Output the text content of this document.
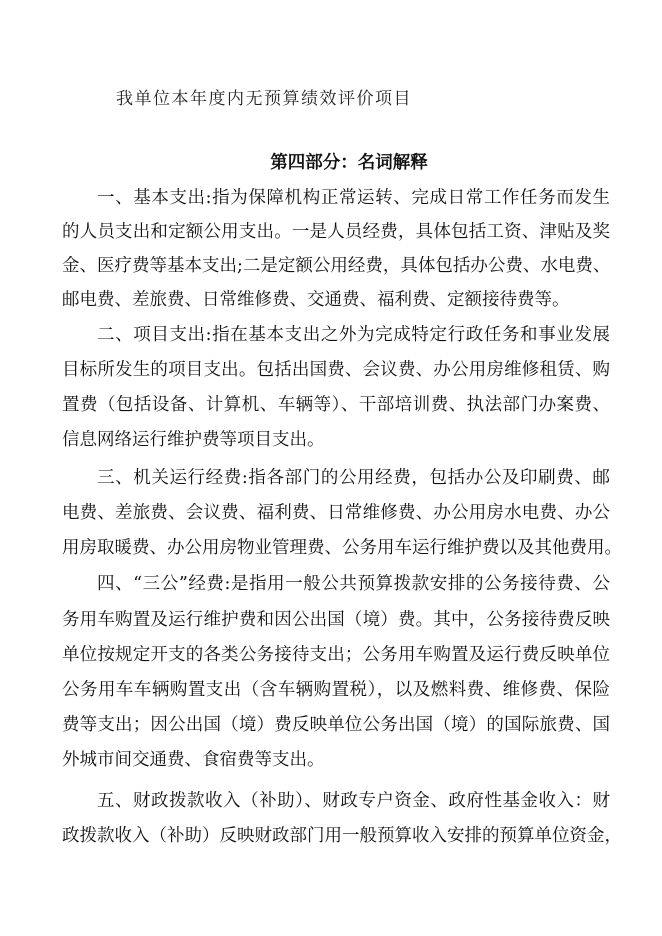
我单位本年度内无预算绩效评价项目
第四部分：名词解释
一、基本支出:指为保障机构正常运转、完成日常工作任务而发生
的人员支出和定额公用支出。一是人员经费，具体包括工资、津贴及奖
金、医疗费等基本支出;二是定额公用经费，具体包括办公费、水电费、
邮电费、差旅费、日常维修费、交通费、福利费、定额接待费等。
二、项目支出:指在基本支出之外为完成特定行政任务和事业发展
目标所发生的项目支出。包括出国费、会议费、办公用房维修租赁、购
置费（包括设备、计算机、车辆等）、干部培训费、执法部门办案费、
信息网络运行维护费等项目支出。
三、机关运行经费:指各部门的公用经费，包括办公及印刷费、邮
电费、差旅费、会议费、福利费、日常维修费、办公用房水电费、办公
用房取暖费、办公用房物业管理费、公务用车运行维护费以及其他费用。
四、“三公”经费:是指用一般公共预算拨款安排的公务接待费、公
务用车购置及运行维护费和因公出国（境）费。其中，公务接待费反映
单位按规定开支的各类公务接待支出；公务用车购置及运行费反映单位
公务用车车辆购置支出（含车辆购置税），以及燃料费、维修费、保险
费等支出；因公出国（境）费反映单位公务出国（境）的国际旅费、国
外城市间交通费、食宿费等支出。
五、财政拨款收入（补助）、财政专户资金、政府性基金收入：财
政拨款收入（补助）反映财政部门用一般预算收入安排的预算单位资金，
